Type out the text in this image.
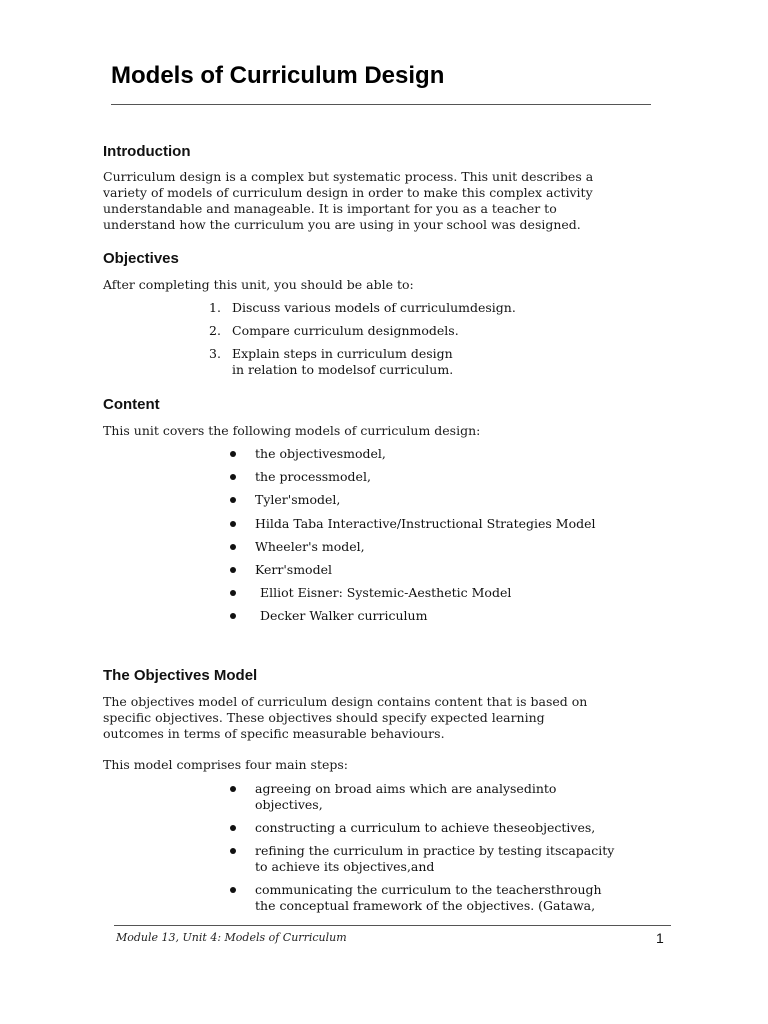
Models of Curriculum Design
Introduction

Curriculum design is a complex but systematic process. This unit describes a
variety of models of curriculum design in order to make this complex activity
understandable and manageable. It is important for you as a teacher to
understand how the curriculum you are using in your school was designed.

Objectives

After completing this unit, you should be able to:

1. Discuss various models of curriculumdesign.
2. Compare curriculum designmodels.
3. Explain steps in curriculum design in relation to modelsof curriculum.
Content

This unit covers the following models of curriculum design:

the objectivesmodel,
the processmodel,
Tyler'smodel,
Hilda Taba Interactive/Instructional Strategies Model
Wheeler's model,
Kerr'smodel
Elliot Eisner: Systemic-Aesthetic Model
Decker Walker curriculum
The Objectives Model

The objectives model of curriculum design contains content that is based on
specific objectives. These objectives should specify expected learning
outcomes in terms of specific measurable behaviours.

This model comprises four main steps:

agreeing on broad aims which are analysedinto objectives,
constructing a curriculum to achieve theseobjectives,
refining the curriculum in practice by testing itscapacity to achieve its objectives,and
communicating the curriculum to the teachersthrough the conceptual framework of the objectives. (Gatawa,
Module 13, Unit 4: Models of Curriculum	1
